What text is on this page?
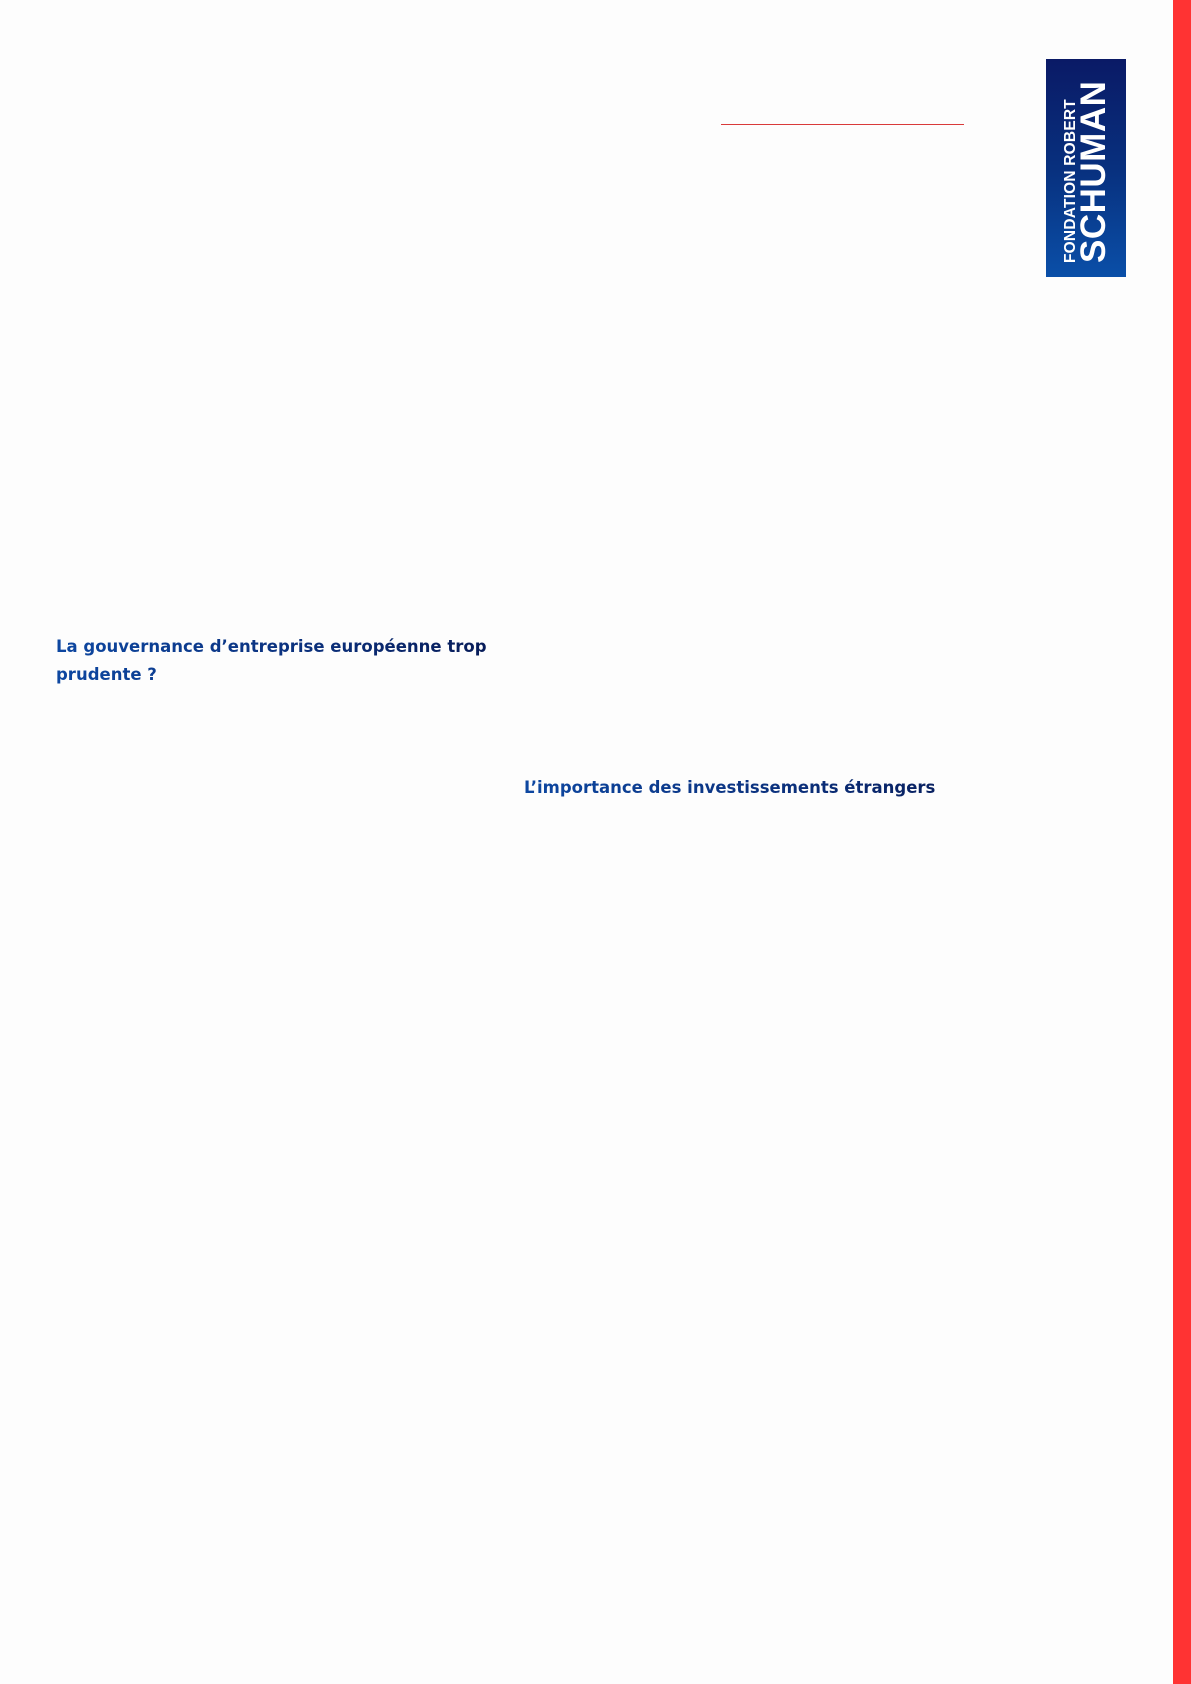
FONDATION ROBERT
SCHUMAN
La gouvernance d’entreprise européenne trop prudente ?
L’importance des investissements étrangers
